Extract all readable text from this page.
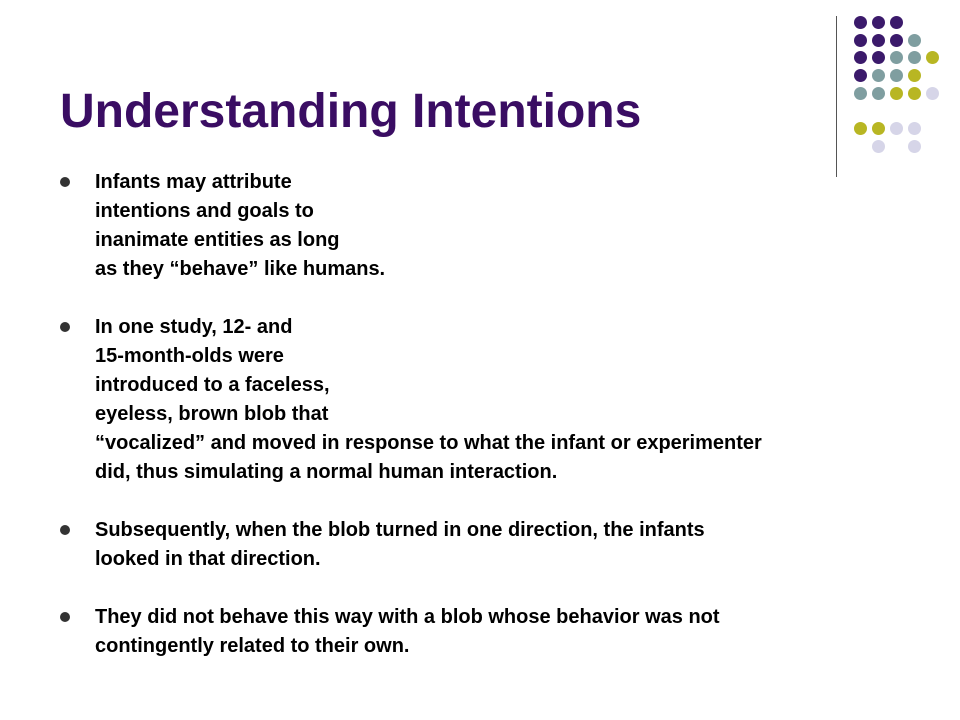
Understanding Intentions
Infants may attribute
intentions and goals to
inanimate entities as long
as they “behave” like humans.
In one study, 12- and
15-month-olds were
introduced to a faceless,
eyeless, brown blob that
“vocalized” and moved in response to what the infant or experimenter
did, thus simulating a normal human interaction.
Subsequently, when the blob turned in one direction, the infants
looked in that direction.
They did not behave this way with a blob whose behavior was not
contingently related to their own.
